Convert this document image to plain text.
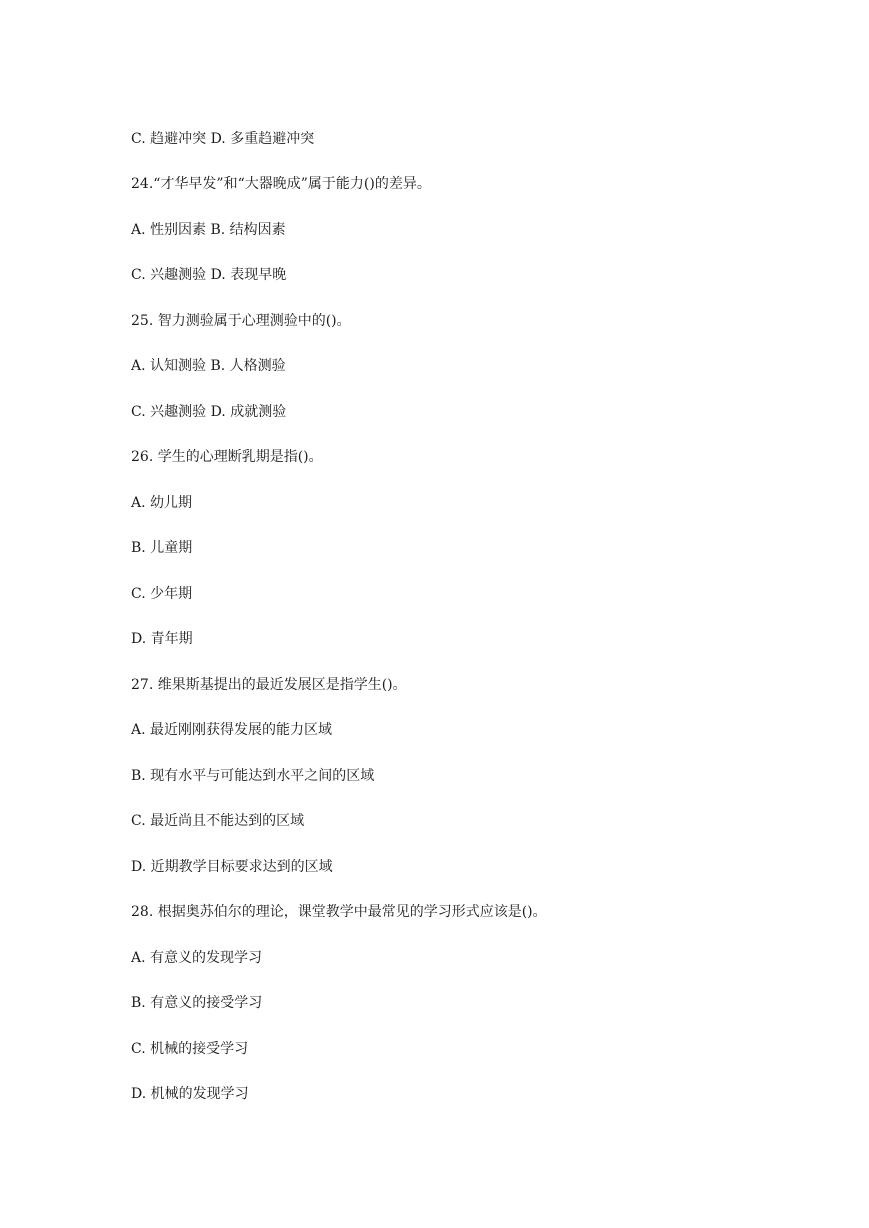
C. 趋避冲突 D. 多重趋避冲突
24.“才华早发”和“大器晚成”属于能力()的差异。
A. 性别因素 B. 结构因素
C. 兴趣测验 D. 表现早晚
25. 智力测验属于心理测验中的()。
A. 认知测验 B. 人格测验
C. 兴趣测验 D. 成就测验
26. 学生的心理断乳期是指()。
A. 幼儿期
B. 儿童期
C. 少年期
D. 青年期
27. 维果斯基提出的最近发展区是指学生()。
A. 最近刚刚获得发展的能力区域
B. 现有水平与可能达到水平之间的区域
C. 最近尚且不能达到的区域
D. 近期教学目标要求达到的区域
28. 根据奥苏伯尔的理论，课堂教学中最常见的学习形式应该是()。
A. 有意义的发现学习
B. 有意义的接受学习
C. 机械的接受学习
D. 机械的发现学习
